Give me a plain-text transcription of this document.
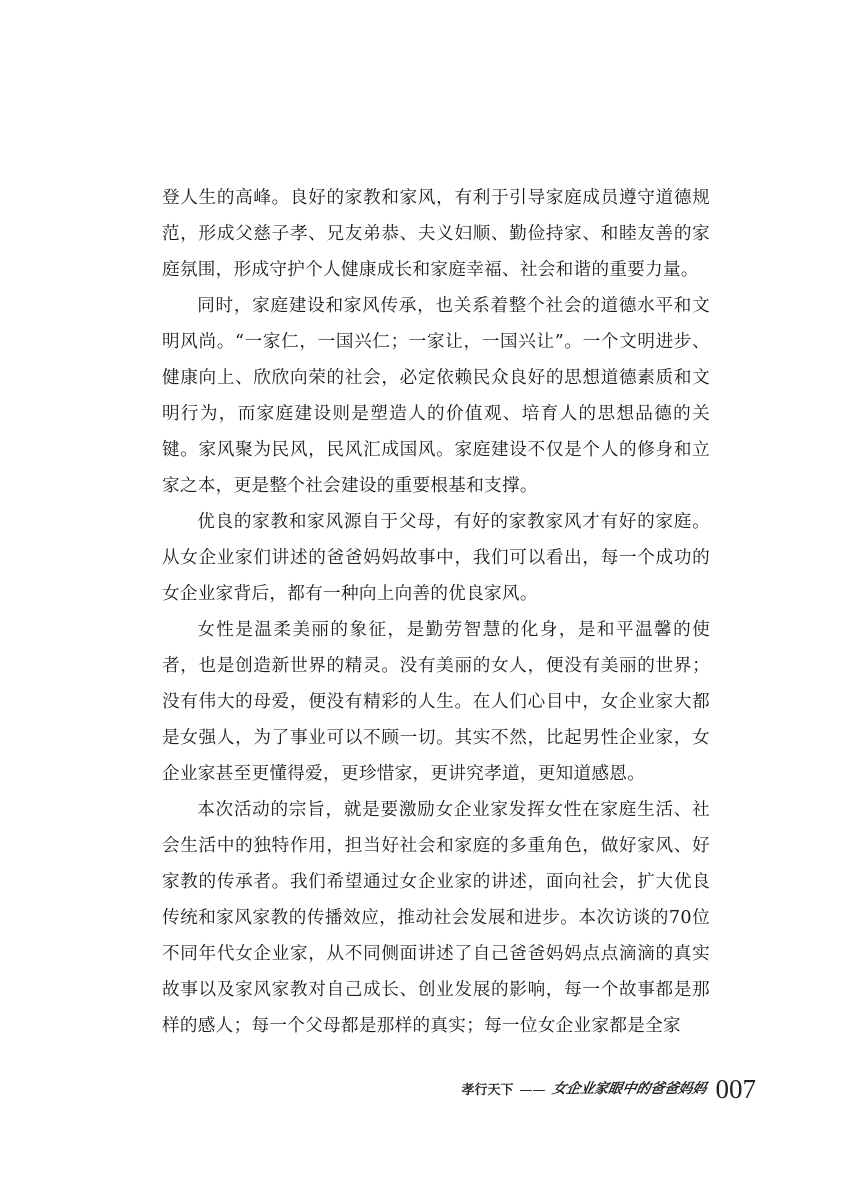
登人生的高峰。良好的家教和家风，有利于引导家庭成员遵守道德规范，形成父慈子孝、兄友弟恭、夫义妇顺、勤俭持家、和睦友善的家庭氛围，形成守护个人健康成长和家庭幸福、社会和谐的重要力量。

同时，家庭建设和家风传承，也关系着整个社会的道德水平和文明风尚。“一家仁，一国兴仁；一家让，一国兴让”。一个文明进步、健康向上、欣欣向荣的社会，必定依赖民众良好的思想道德素质和文明行为，而家庭建设则是塑造人的价值观、培育人的思想品德的关键。家风聚为民风，民风汇成国风。家庭建设不仅是个人的修身和立家之本，更是整个社会建设的重要根基和支撑。

优良的家教和家风源自于父母，有好的家教家风才有好的家庭。从女企业家们讲述的爸爸妈妈故事中，我们可以看出，每一个成功的女企业家背后，都有一种向上向善的优良家风。

女性是温柔美丽的象征，是勤劳智慧的化身，是和平温馨的使者，也是创造新世界的精灵。没有美丽的女人，便没有美丽的世界；没有伟大的母爱，便没有精彩的人生。在人们心目中，女企业家大都是女强人，为了事业可以不顾一切。其实不然，比起男性企业家，女企业家甚至更懂得爱，更珍惜家，更讲究孝道，更知道感恩。

本次活动的宗旨，就是要激励女企业家发挥女性在家庭生活、社会生活中的独特作用，担当好社会和家庭的多重角色，做好家风、好家教的传承者。我们希望通过女企业家的讲述，面向社会，扩大优良传统和家风家教的传播效应，推动社会发展和进步。本次访谈的70位不同年代女企业家，从不同侧面讲述了自己爸爸妈妈点点滴滴的真实故事以及家风家教对自己成长、创业发展的影响，每一个故事都是那样的感人；每一个父母都是那样的真实；每一位女企业家都是全家

孝行天下 —— 女企业家眼中的爸爸妈妈 007
